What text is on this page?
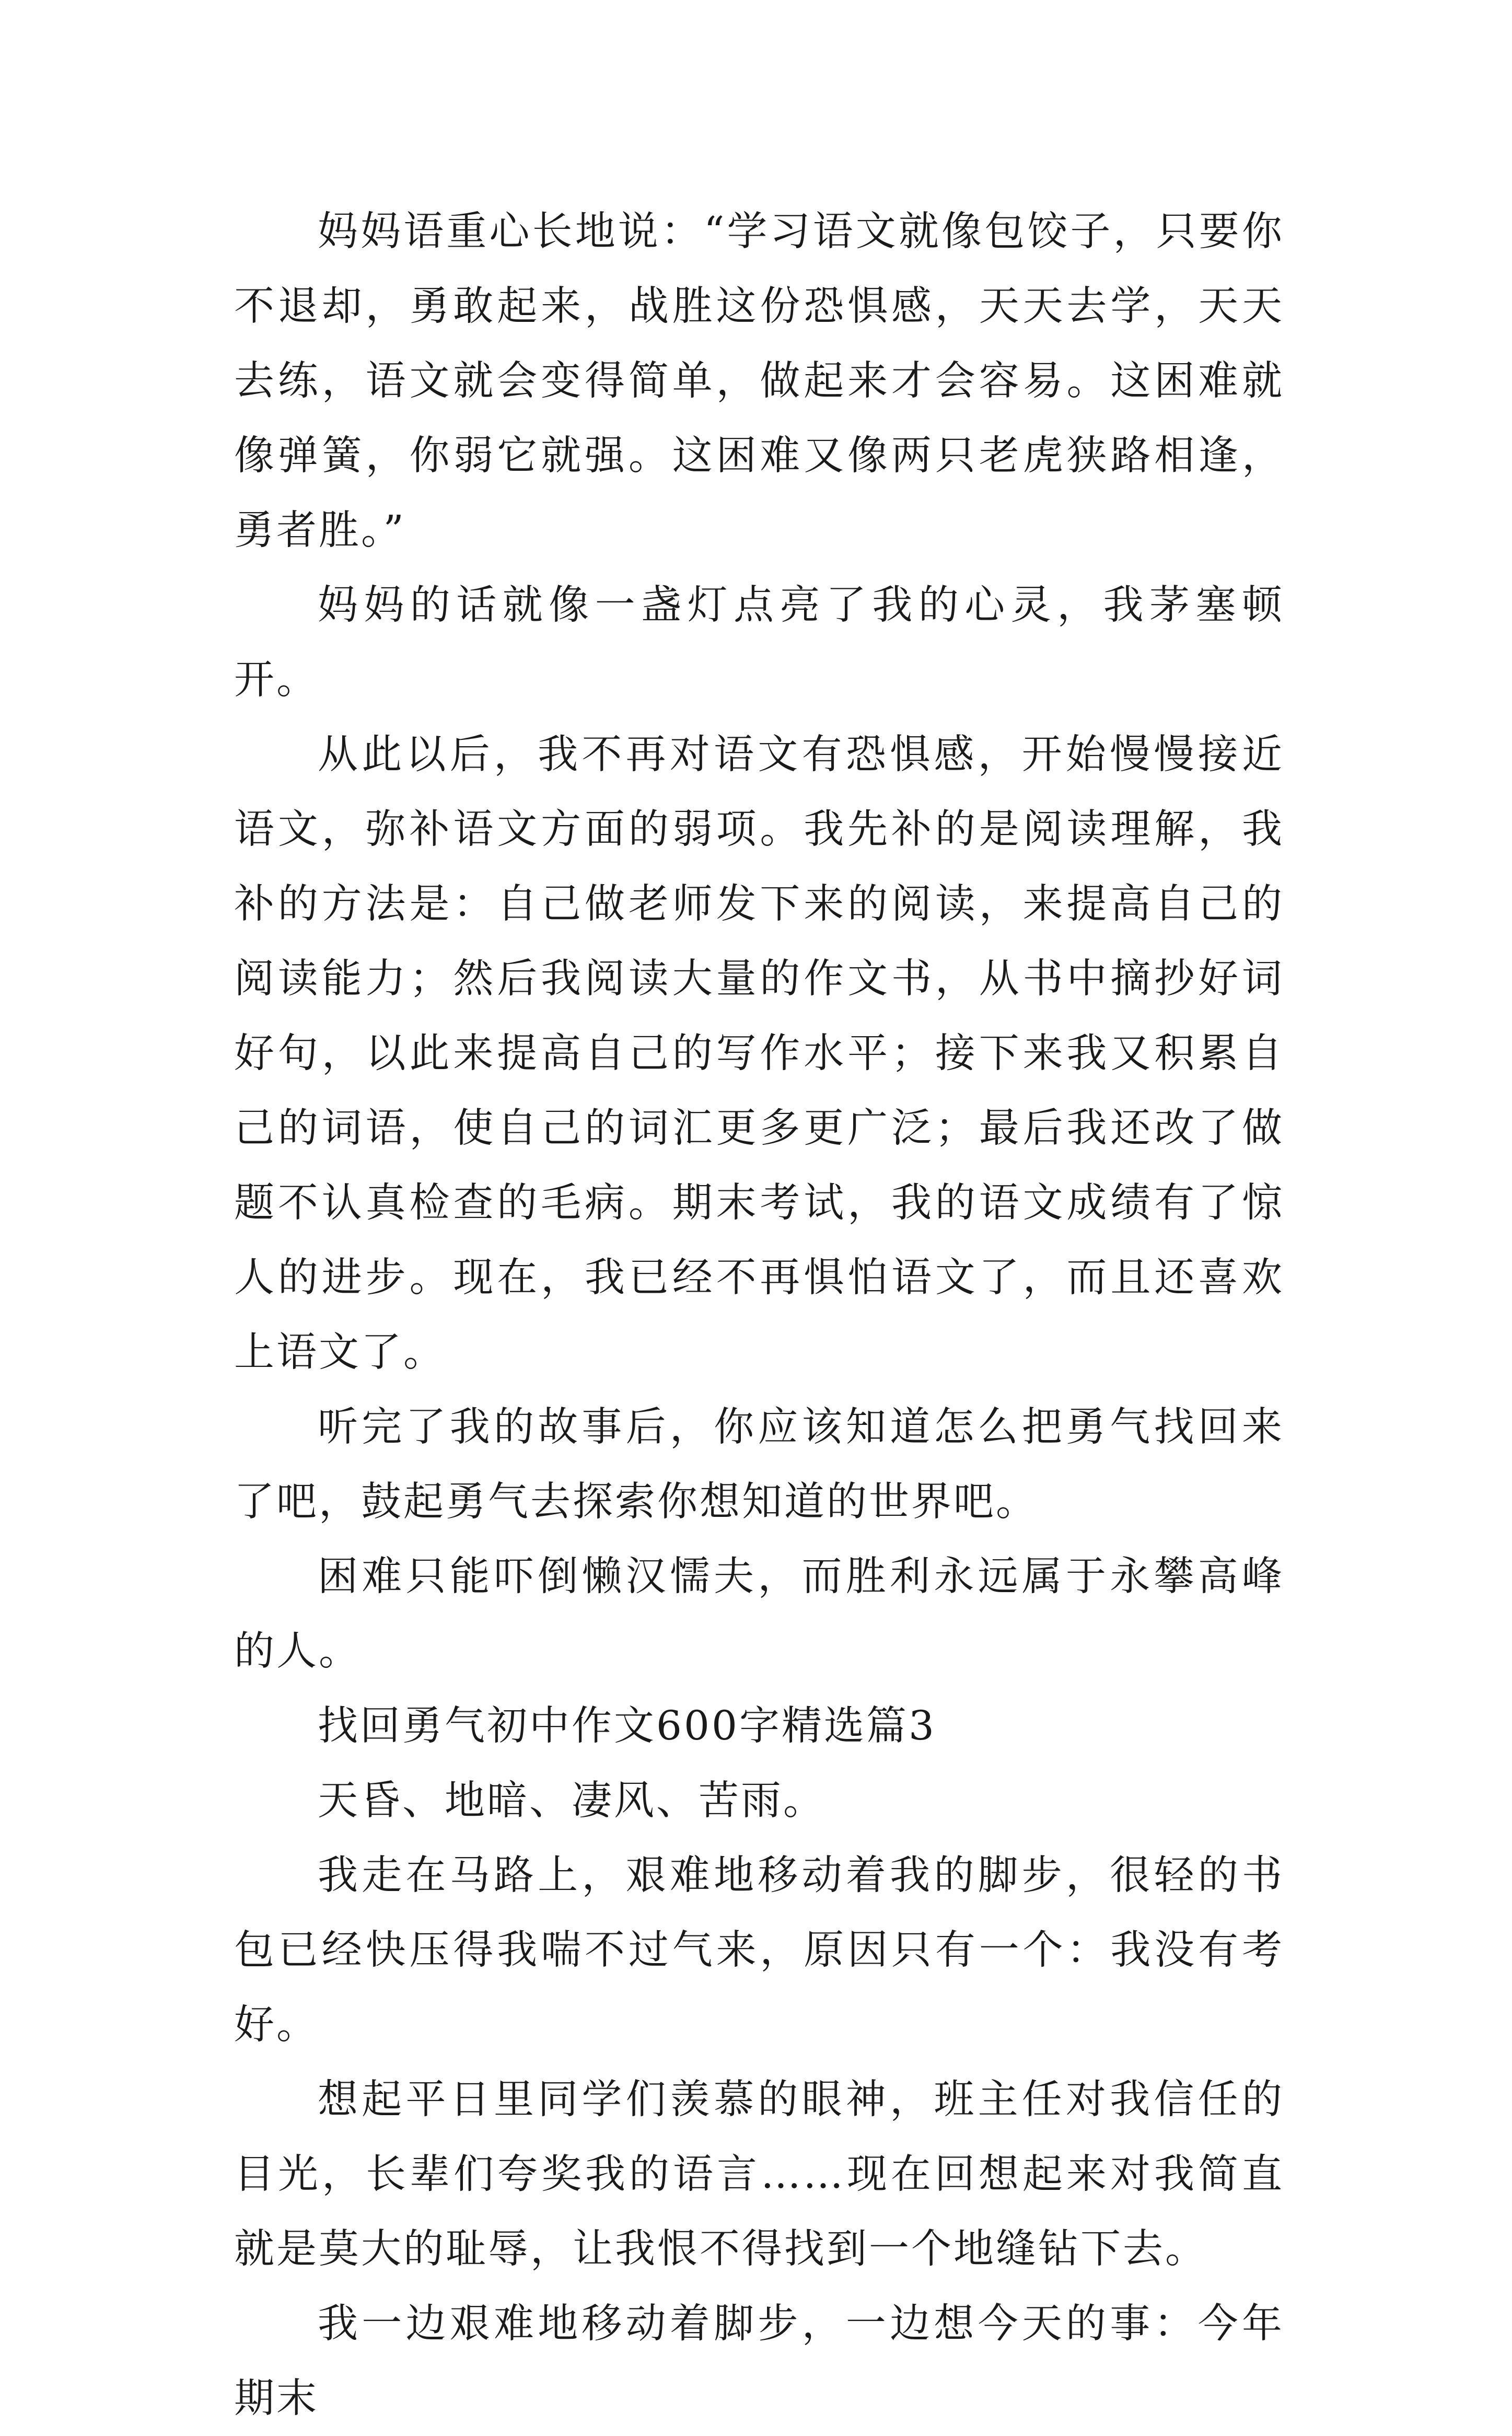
妈妈语重心长地说：“学习语文就像包饺子，只要你不退却，勇敢起来，战胜这份恐惧感，天天去学，天天去练，语文就会变得简单，做起来才会容易。这困难就像弹簧，你弱它就强。这困难又像两只老虎狭路相逢，勇者胜。”

妈妈的话就像一盏灯点亮了我的心灵，我茅塞顿开。

从此以后，我不再对语文有恐惧感，开始慢慢接近语文，弥补语文方面的弱项。我先补的是阅读理解，我补的方法是：自己做老师发下来的阅读，来提高自己的阅读能力；然后我阅读大量的作文书，从书中摘抄好词好句，以此来提高自己的写作水平；接下来我又积累自己的词语，使自己的词汇更多更广泛；最后我还改了做题不认真检查的毛病。期末考试，我的语文成绩有了惊人的进步。现在，我已经不再惧怕语文了，而且还喜欢上语文了。

听完了我的故事后，你应该知道怎么把勇气找回来了吧，鼓起勇气去探索你想知道的世界吧。

困难只能吓倒懒汉懦夫，而胜利永远属于永攀高峰的人。

找回勇气初中作文600字精选篇3

天昏、地暗、凄风、苦雨。

我走在马路上，艰难地移动着我的脚步，很轻的书包已经快压得我喘不过气来，原因只有一个：我没有考好。

想起平日里同学们羡慕的眼神，班主任对我信任的目光，长辈们夸奖我的语言……现在回想起来对我简直就是莫大的耻辱，让我恨不得找到一个地缝钻下去。

我一边艰难地移动着脚步，一边想今天的事：今年期末
